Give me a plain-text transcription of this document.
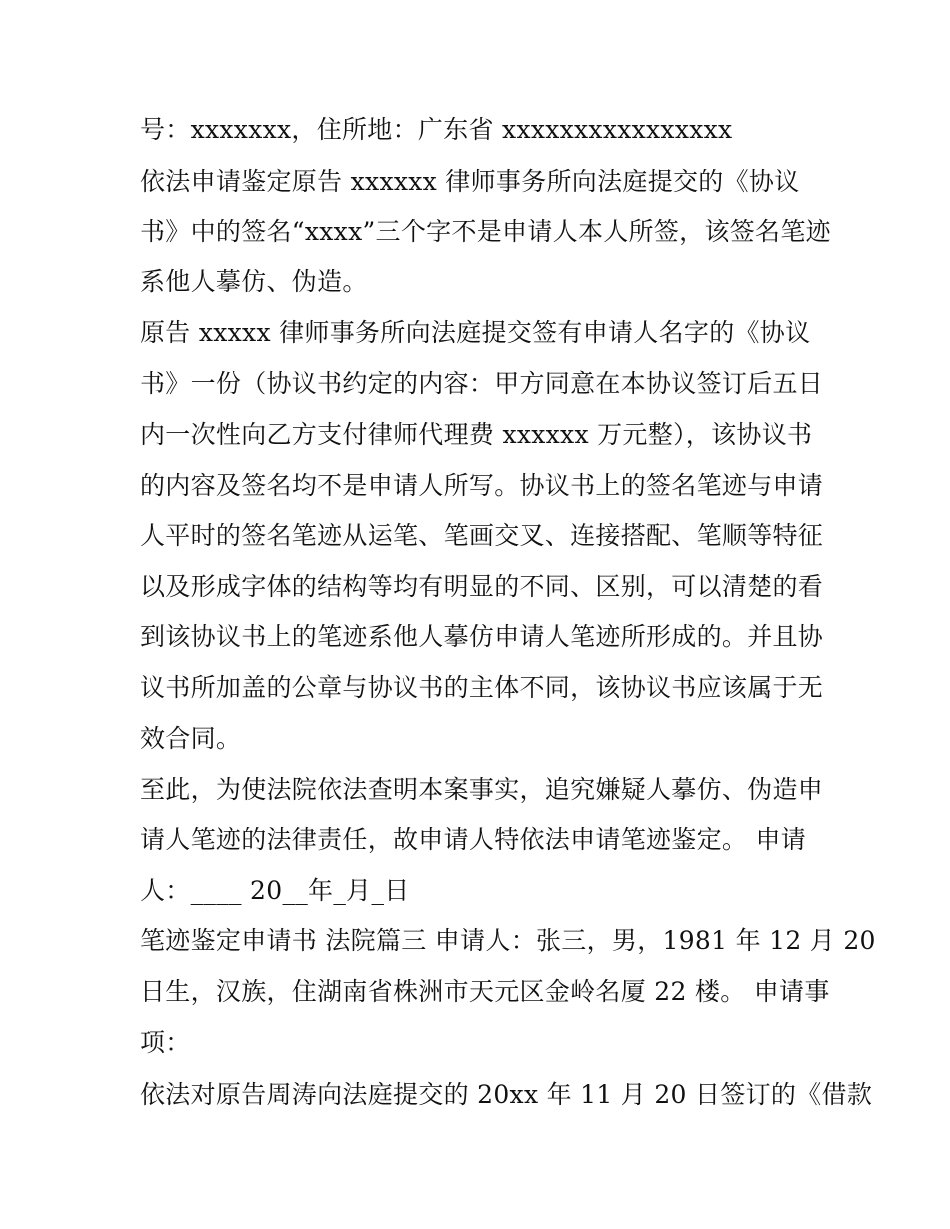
号：xxxxxxx，住所地：广东省 xxxxxxxxxxxxxxxx
依法申请鉴定原告 xxxxxx 律师事务所向法庭提交的《协议
书》中的签名“xxxx”三个字不是申请人本人所签，该签名笔迹
系他人摹仿、伪造。
原告 xxxxx 律师事务所向法庭提交签有申请人名字的《协议
书》一份（协议书约定的内容：甲方同意在本协议签订后五日
内一次性向乙方支付律师代理费 xxxxxx 万元整），该协议书
的内容及签名均不是申请人所写。协议书上的签名笔迹与申请
人平时的签名笔迹从运笔、笔画交叉、连接搭配、笔顺等特征
以及形成字体的结构等均有明显的不同、区别，可以清楚的看
到该协议书上的笔迹系他人摹仿申请人笔迹所形成的。并且协
议书所加盖的公章与协议书的主体不同，该协议书应该属于无
效合同。
至此，为使法院依法查明本案事实，追究嫌疑人摹仿、伪造申
请人笔迹的法律责任，故申请人特依法申请笔迹鉴定。 申请
人：____ 20__年_月_日
笔迹鉴定申请书 法院篇三 申请人：张三，男，1981 年 12 月 20
日生，汉族，住湖南省株洲市天元区金岭名厦 22 楼。 申请事
项：
依法对原告周涛向法庭提交的 20xx 年 11 月 20 日签订的《借款
